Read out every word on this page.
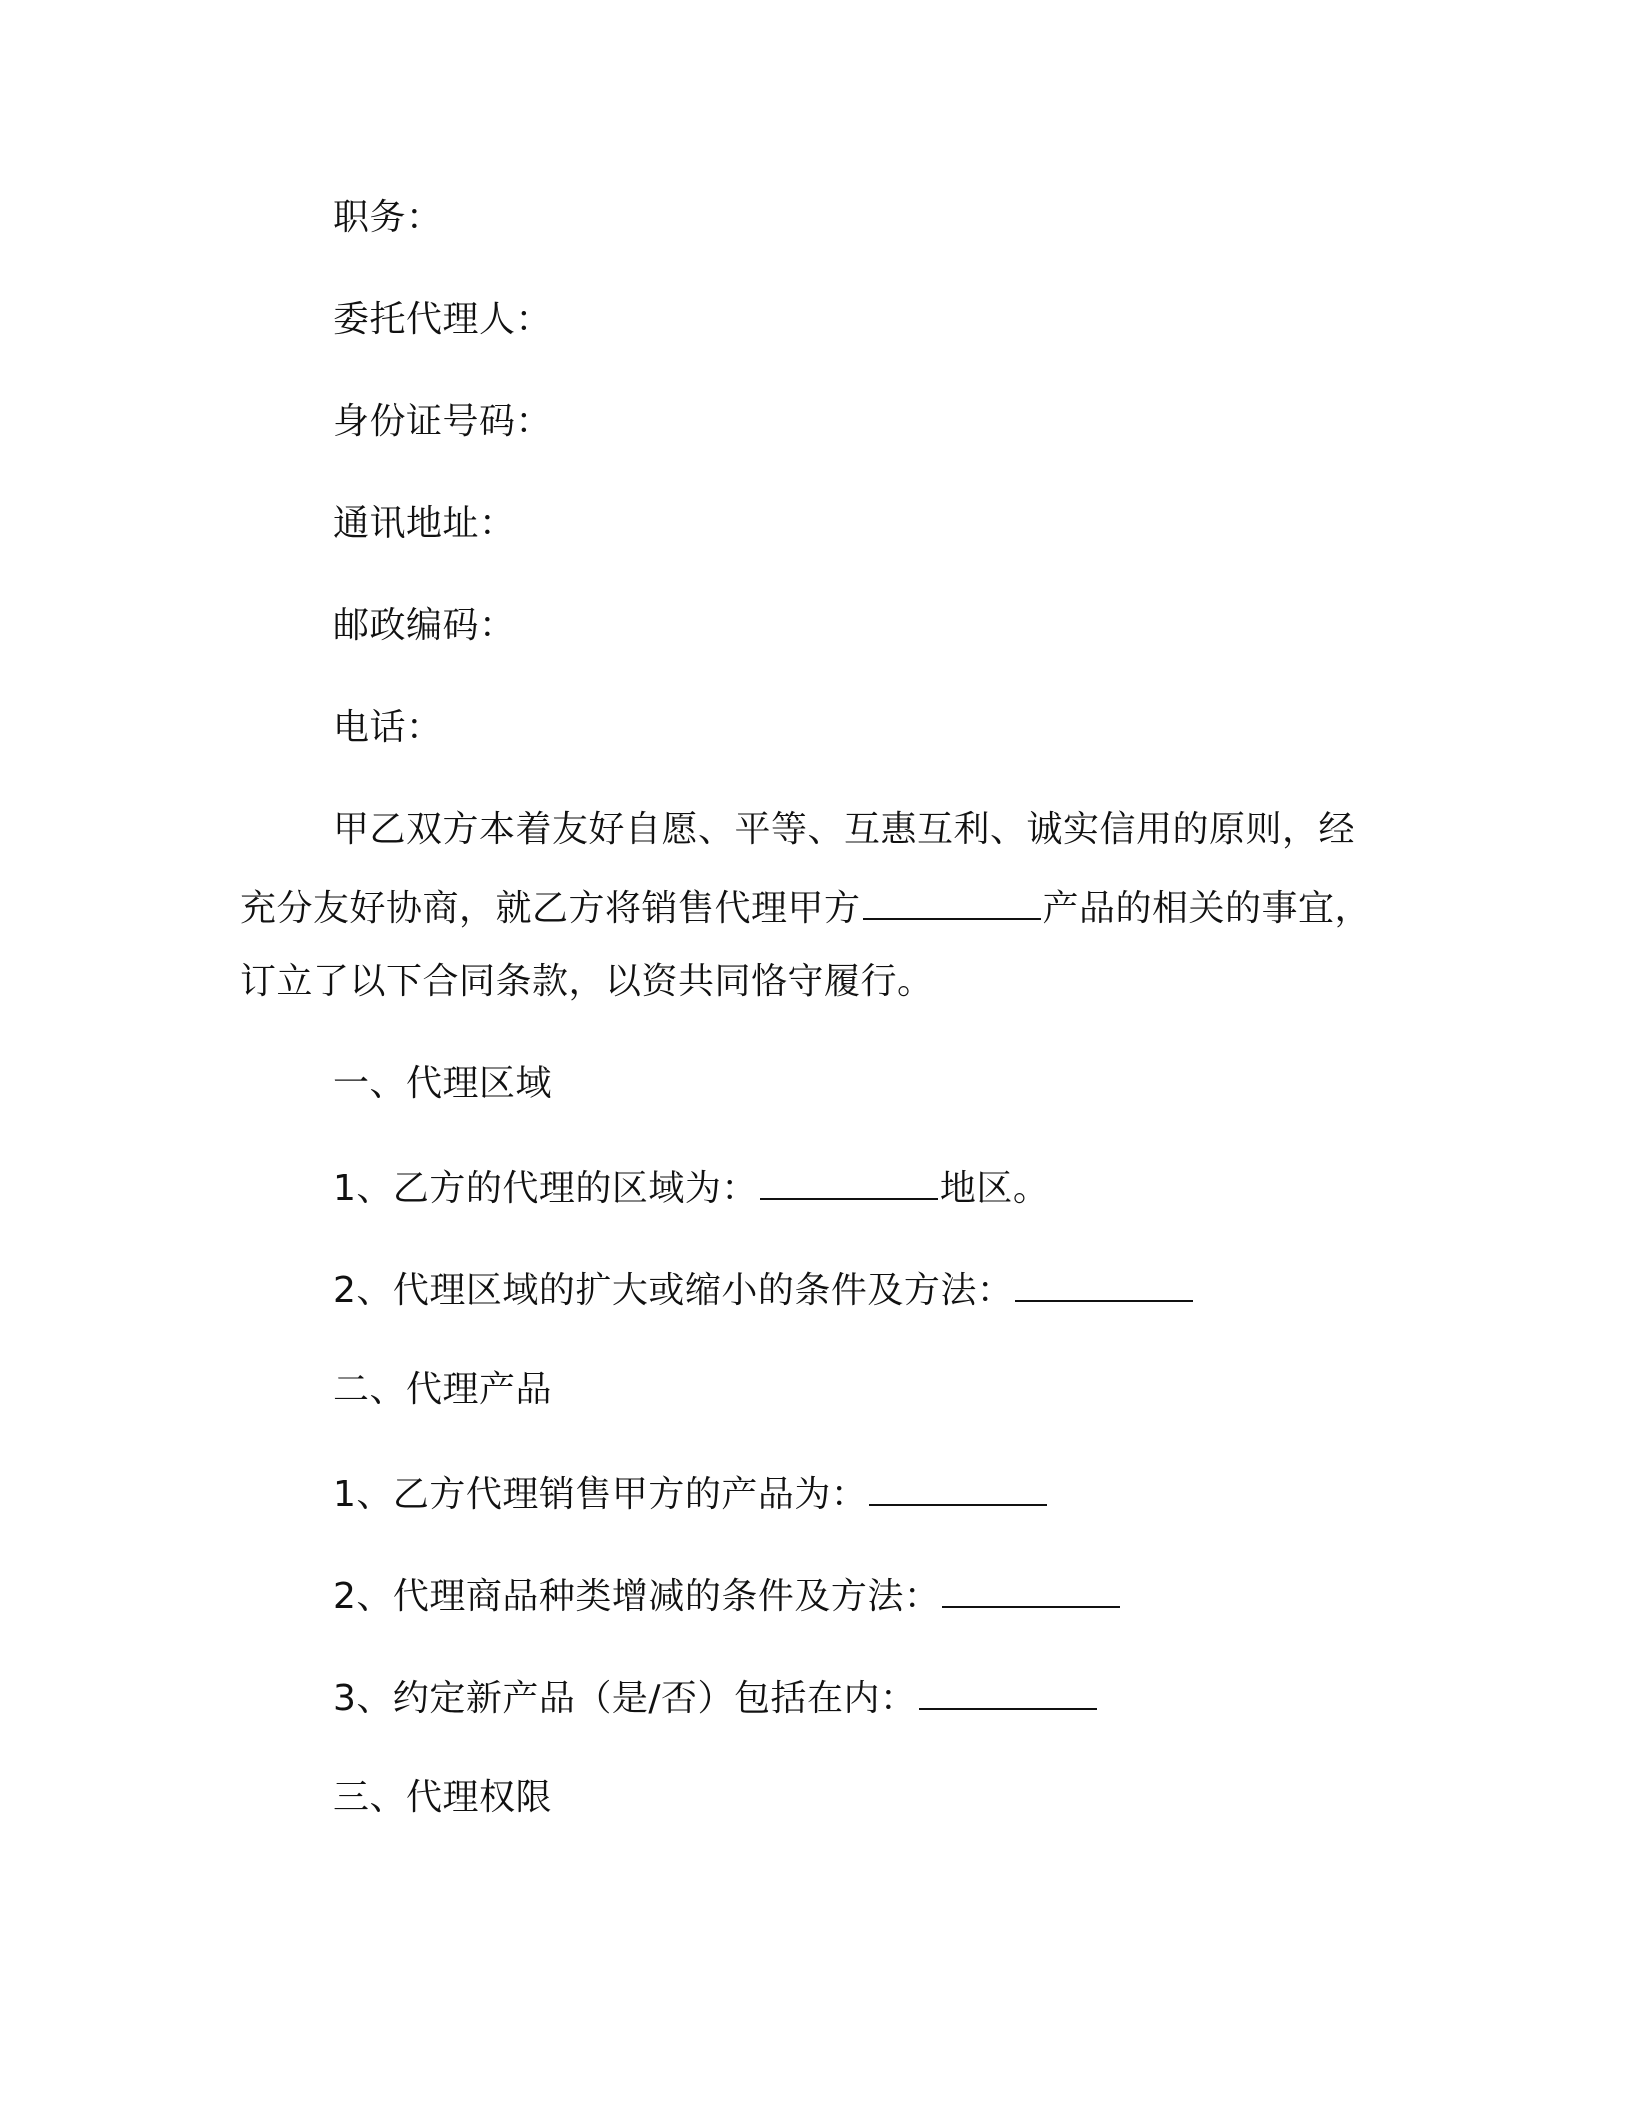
职务：
委托代理人：
身份证号码：
通讯地址：
邮政编码：
电话：
甲乙双方本着友好自愿、平等、互惠互利、诚实信用的原则，经
充分友好协商，就乙方将销售代理甲方	产品的相关的事宜，
订立了以下合同条款，以资共同恪守履行。
一、代理区域
1、乙方的代理的区域为：	地区。
2、代理区域的扩大或缩小的条件及方法：
二、代理产品
1、乙方代理销售甲方的产品为：
2、代理商品种类增减的条件及方法：
3、约定新产品（是/否）包括在内：
三、代理权限
